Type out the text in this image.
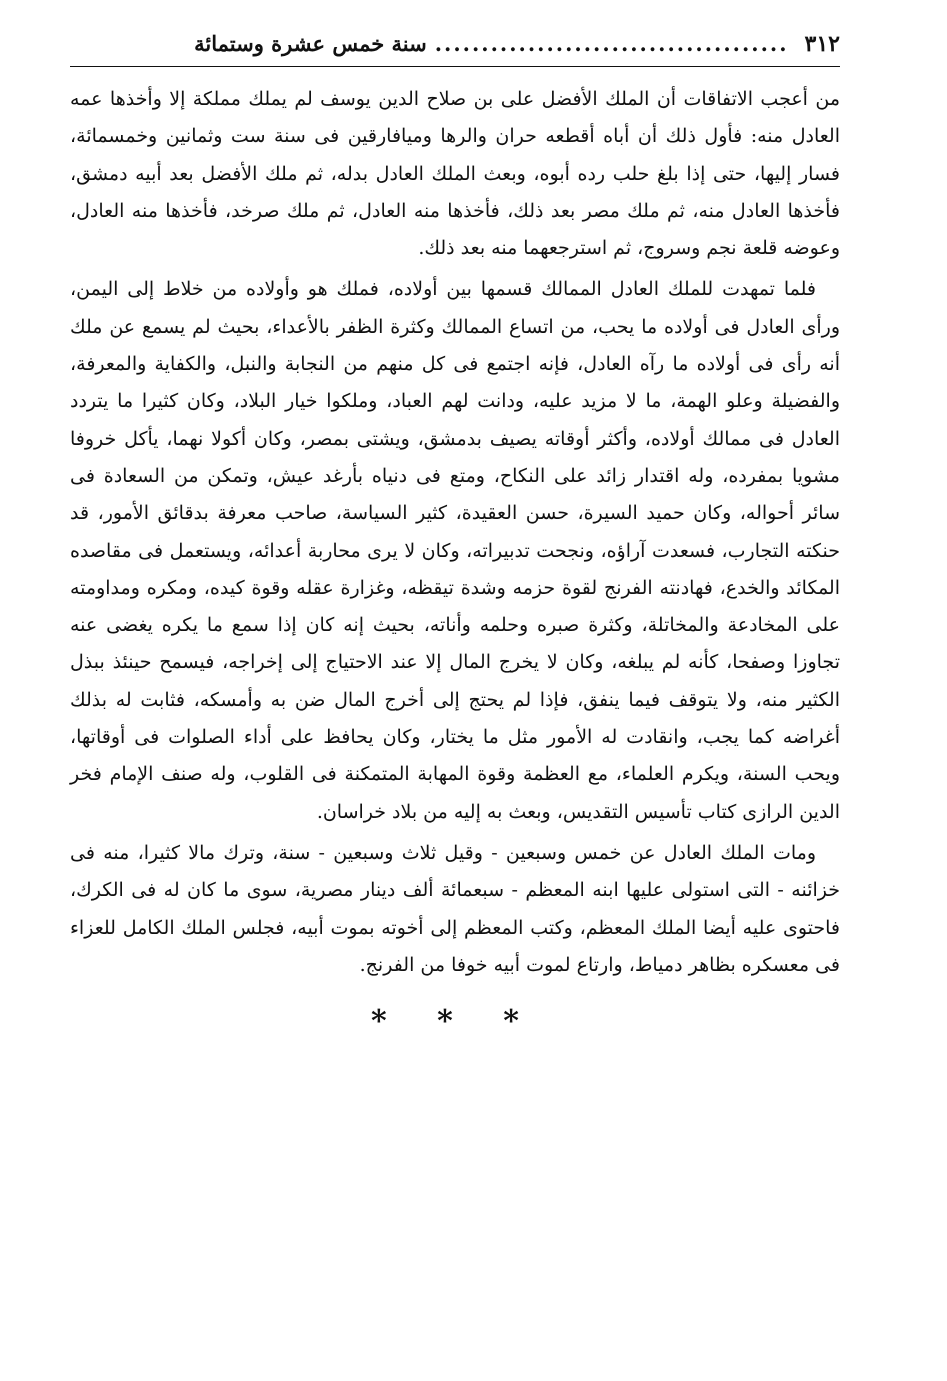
٣١٢
......................................
سنة خمس عشرة وستمائة

من أعجب الاتفاقات أن الملك الأفضل على بن صلاح الدين يوسف لم يملك مملكة إلا وأخذها عمه العادل منه: فأول ذلك أن أباه أقطعه حران والرها وميافارقين فى سنة ست وثمانين وخمسمائة، فسار إليها، حتى إذا بلغ حلب رده أبوه، وبعث الملك العادل بدله، ثم ملك الأفضل بعد أبيه دمشق، فأخذها العادل منه، ثم ملك مصر بعد ذلك، فأخذها منه العادل، ثم ملك صرخد، فأخذها منه العادل، وعوضه قلعة نجم وسروج، ثم استرجعهما منه بعد ذلك.

فلما تمهدت للملك العادل الممالك قسمها بين أولاده، فملك هو وأولاده من خلاط إلى اليمن، ورأى العادل فى أولاده ما يحب، من اتساع الممالك وكثرة الظفر بالأعداء، بحيث لم يسمع عن ملك أنه رأى فى أولاده ما رآه العادل، فإنه اجتمع فى كل منهم من النجابة والنبل، والكفاية والمعرفة، والفضيلة وعلو الهمة، ما لا مزيد عليه، ودانت لهم العباد، وملكوا خيار البلاد، وكان كثيرا ما يتردد العادل فى ممالك أولاده، وأكثر أوقاته يصيف بدمشق، ويشتى بمصر، وكان أكولا نهما، يأكل خروفا مشويا بمفرده، وله اقتدار زائد على النكاح، ومتع فى دنياه بأرغد عيش، وتمكن من السعادة فى سائر أحواله، وكان حميد السيرة، حسن العقيدة، كثير السياسة، صاحب معرفة بدقائق الأمور، قد حنكته التجارب، فسعدت آراؤه، ونجحت تدبيراته، وكان لا يرى محاربة أعدائه، ويستعمل فى مقاصده المكائد والخدع، فهادنته الفرنج لقوة حزمه وشدة تيقظه، وغزارة عقله وقوة كيده، ومكره ومداومته على المخادعة والمخاتلة، وكثرة صبره وحلمه وأناته، بحيث إنه كان إذا سمع ما يكره يغضى عنه تجاوزا وصفحا، كأنه لم يبلغه، وكان لا يخرج المال إلا عند الاحتياج إلى إخراجه، فيسمح حينئذ ببذل الكثير منه، ولا يتوقف فيما ينفق، فإذا لم يحتج إلى أخرج المال ضن به وأمسكه، فثابت له بذلك أغراضه كما يجب، وانقادت له الأمور مثل ما يختار، وكان يحافظ على أداء الصلوات فى أوقاتها، ويحب السنة، ويكرم العلماء، مع العظمة وقوة المهابة المتمكنة فى القلوب، وله صنف الإمام فخر الدين الرازى كتاب تأسيس التقديس، وبعث به إليه من بلاد خراسان.

ومات الملك العادل عن خمس وسبعين - وقيل ثلاث وسبعين - سنة، وترك مالا كثيرا، منه فى خزائنه - التى استولى عليها ابنه المعظم - سبعمائة ألف دينار مصرية، سوى ما كان له فى الكرك، فاحتوى عليه أيضا الملك المعظم، وكتب المعظم إلى أخوته بموت أبيه، فجلس الملك الكامل للعزاء فى معسكره بظاهر دمياط، وارتاع لموت أبيه خوفا من الفرنج.

* * *
